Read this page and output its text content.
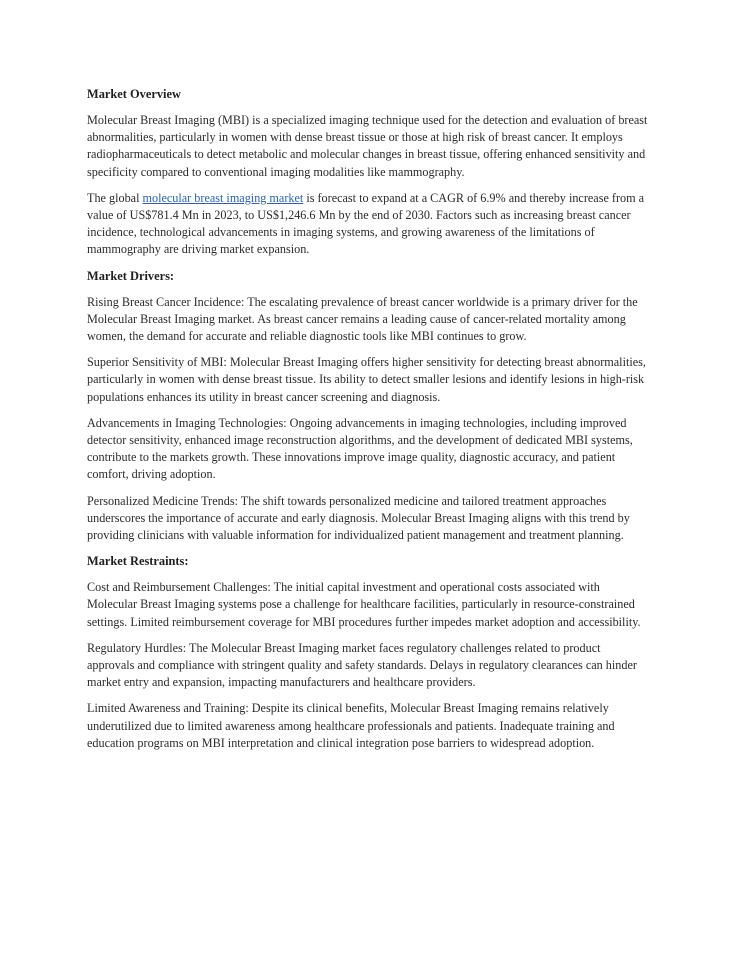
Market Overview

Molecular Breast Imaging (MBI) is a specialized imaging technique used for the detection and evaluation of breast abnormalities, particularly in women with dense breast tissue or those at high risk of breast cancer. It employs radiopharmaceuticals to detect metabolic and molecular changes in breast tissue, offering enhanced sensitivity and specificity compared to conventional imaging modalities like mammography.

The global molecular breast imaging market is forecast to expand at a CAGR of 6.9% and thereby increase from a value of US$781.4 Mn in 2023, to US$1,246.6 Mn by the end of 2030. Factors such as increasing breast cancer incidence, technological advancements in imaging systems, and growing awareness of the limitations of mammography are driving market expansion.

Market Drivers:

Rising Breast Cancer Incidence: The escalating prevalence of breast cancer worldwide is a primary driver for the Molecular Breast Imaging market. As breast cancer remains a leading cause of cancer-related mortality among women, the demand for accurate and reliable diagnostic tools like MBI continues to grow.

Superior Sensitivity of MBI: Molecular Breast Imaging offers higher sensitivity for detecting breast abnormalities, particularly in women with dense breast tissue. Its ability to detect smaller lesions and identify lesions in high-risk populations enhances its utility in breast cancer screening and diagnosis.

Advancements in Imaging Technologies: Ongoing advancements in imaging technologies, including improved detector sensitivity, enhanced image reconstruction algorithms, and the development of dedicated MBI systems, contribute to the markets growth. These innovations improve image quality, diagnostic accuracy, and patient comfort, driving adoption.

Personalized Medicine Trends: The shift towards personalized medicine and tailored treatment approaches underscores the importance of accurate and early diagnosis. Molecular Breast Imaging aligns with this trend by providing clinicians with valuable information for individualized patient management and treatment planning.

Market Restraints:

Cost and Reimbursement Challenges: The initial capital investment and operational costs associated with Molecular Breast Imaging systems pose a challenge for healthcare facilities, particularly in resource-constrained settings. Limited reimbursement coverage for MBI procedures further impedes market adoption and accessibility.

Regulatory Hurdles: The Molecular Breast Imaging market faces regulatory challenges related to product approvals and compliance with stringent quality and safety standards. Delays in regulatory clearances can hinder market entry and expansion, impacting manufacturers and healthcare providers.

Limited Awareness and Training: Despite its clinical benefits, Molecular Breast Imaging remains relatively underutilized due to limited awareness among healthcare professionals and patients. Inadequate training and education programs on MBI interpretation and clinical integration pose barriers to widespread adoption.
